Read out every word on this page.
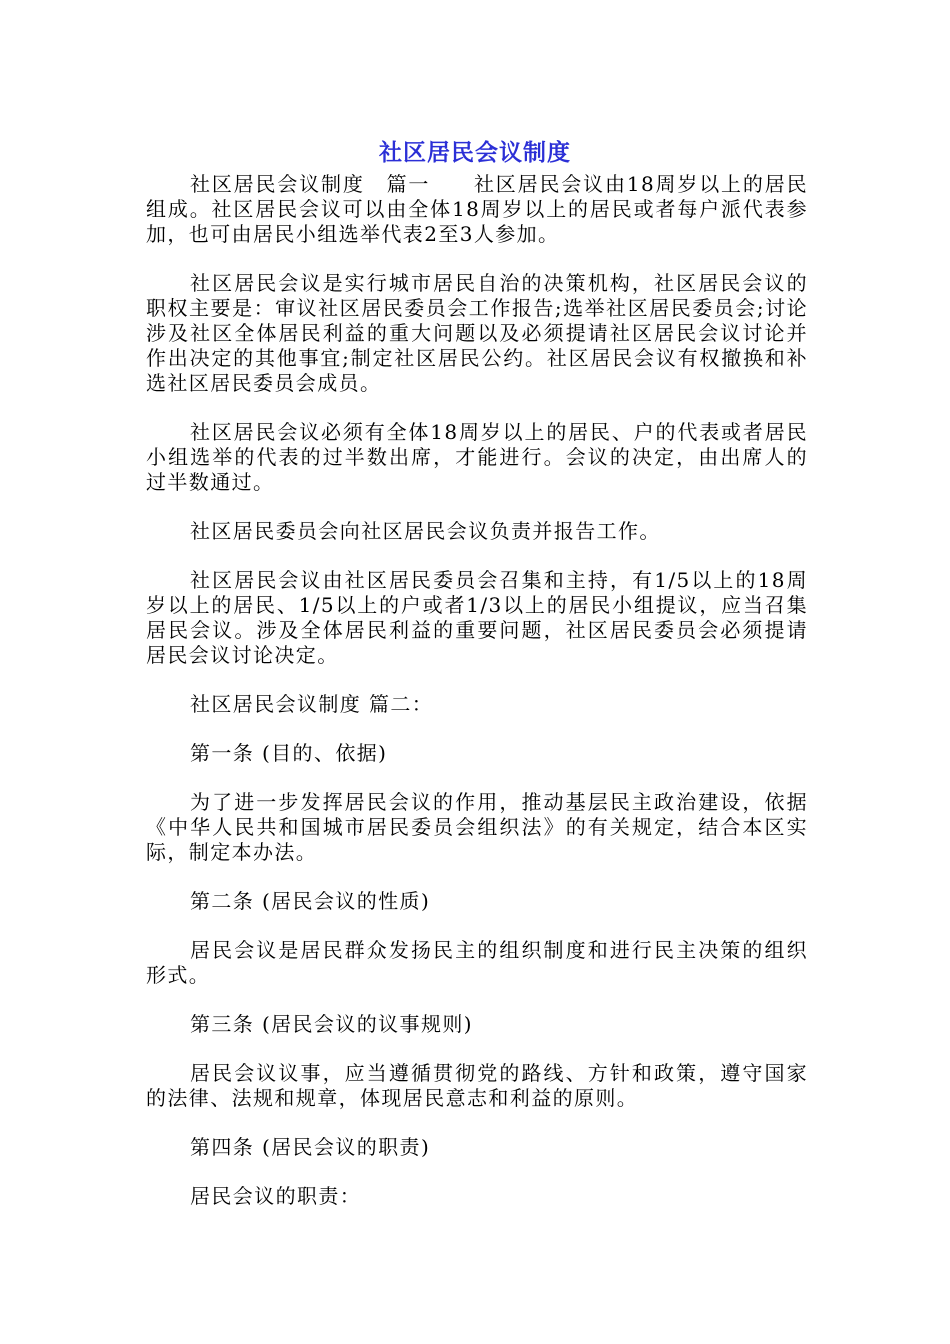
社区居民会议制度

社区居民会议制度　篇一　　社区居民会议由18周岁以上的居民组成。社区居民会议可以由全体18周岁以上的居民或者每户派代表参加，也可由居民小组选举代表2至3人参加。

社区居民会议是实行城市居民自治的决策机构，社区居民会议的职权主要是：审议社区居民委员会工作报告;选举社区居民委员会;讨论涉及社区全体居民利益的重大问题以及必须提请社区居民会议讨论并作出决定的其他事宜;制定社区居民公约。社区居民会议有权撤换和补选社区居民委员会成员。

社区居民会议必须有全体18周岁以上的居民、户的代表或者居民小组选举的代表的过半数出席，才能进行。会议的决定，由出席人的过半数通过。

社区居民委员会向社区居民会议负责并报告工作。

社区居民会议由社区居民委员会召集和主持，有1/5以上的18周岁以上的居民、1/5以上的户或者1/3以上的居民小组提议，应当召集居民会议。涉及全体居民利益的重要问题，社区居民委员会必须提请居民会议讨论决定。

社区居民会议制度 篇二：

第一条 (目的、依据)

为了进一步发挥居民会议的作用，推动基层民主政治建设，依据《中华人民共和国城市居民委员会组织法》的有关规定，结合本区实际，制定本办法。

第二条 (居民会议的性质)

居民会议是居民群众发扬民主的组织制度和进行民主决策的组织形式。

第三条 (居民会议的议事规则)

居民会议议事，应当遵循贯彻党的路线、方针和政策，遵守国家的法律、法规和规章，体现居民意志和利益的原则。

第四条 (居民会议的职责)

居民会议的职责：
